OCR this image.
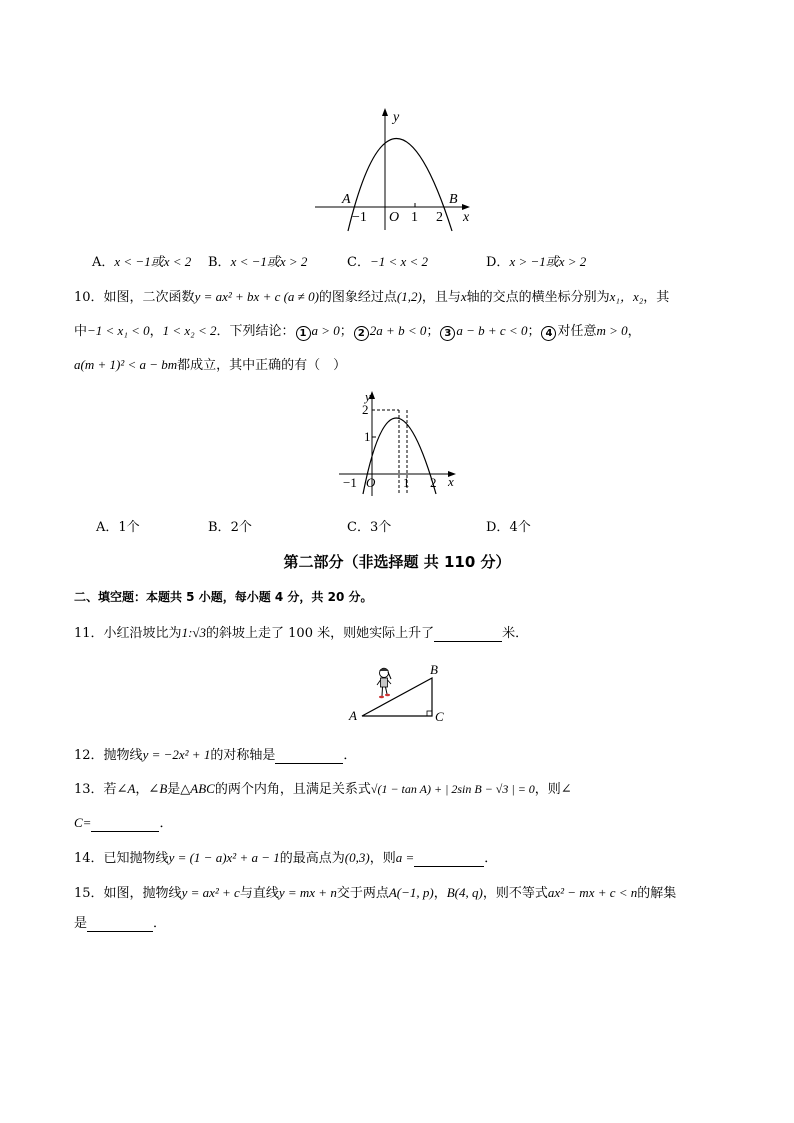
y
x
A	B
O
−1	1 2
A．x < −1或x < 2 B．x < −1或x > 2	C．−1 < x < 2	D．x > −1或x > 2
10．如图，二次函数y = ax² + bx + c (a ≠ 0)的图象经过点(1,2)，且与x轴的交点的横坐标分别为x₁，x₂，其
中−1 < x₁ < 0，1 < x₂ < 2．下列结论： 1 a > 0； 2 2a + b < 0； 3 a − b + c < 0； 4 对任意m > 0，
a(m + 1)² < a − bm都成立，其中正确的有（　）
y
x
2
1
−1 O 1 2
A．1个	B．2个	C．3个	D．4个
第二部分（非选择题 共 110 分）
二、填空题：本题共 5 小题，每小题 4 分，共 20 分。
11．小红沿坡比为1:√3的斜坡上走了 100 米，则她实际上升了	米．
A
B
C
12．抛物线y = −2x² + 1的对称轴是	．
13．若∠A，∠B是△ABC的两个内角，且满足关系式√(1 − tan A) + | 2sin B − √3 | = 0，则∠
C=	．
14．已知抛物线y = (1 − a)x² + a − 1的最高点为(0,3)，则a =	．
15．如图，抛物线y = ax² + c与直线y = mx + n交于两点A(−1, p)，B(4, q)，则不等式ax² − mx + c < n的解集
是	．
